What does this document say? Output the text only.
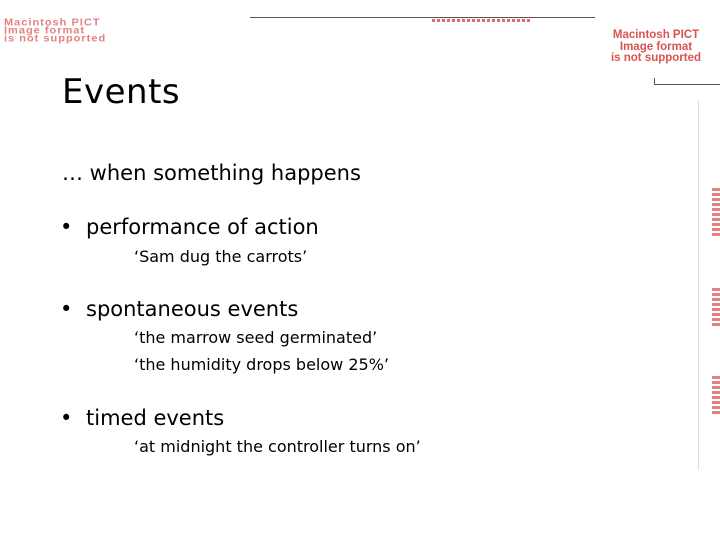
Macintosh PICT
Image format
is not supported	Macintosh PICT
Image format
is not supported
Events
… when something happens
• performance of action
‘Sam dug the carrots’
• spontaneous events
‘the marrow seed germinated’
‘the humidity drops below 25%’
• timed events
‘at midnight the controller turns on’
